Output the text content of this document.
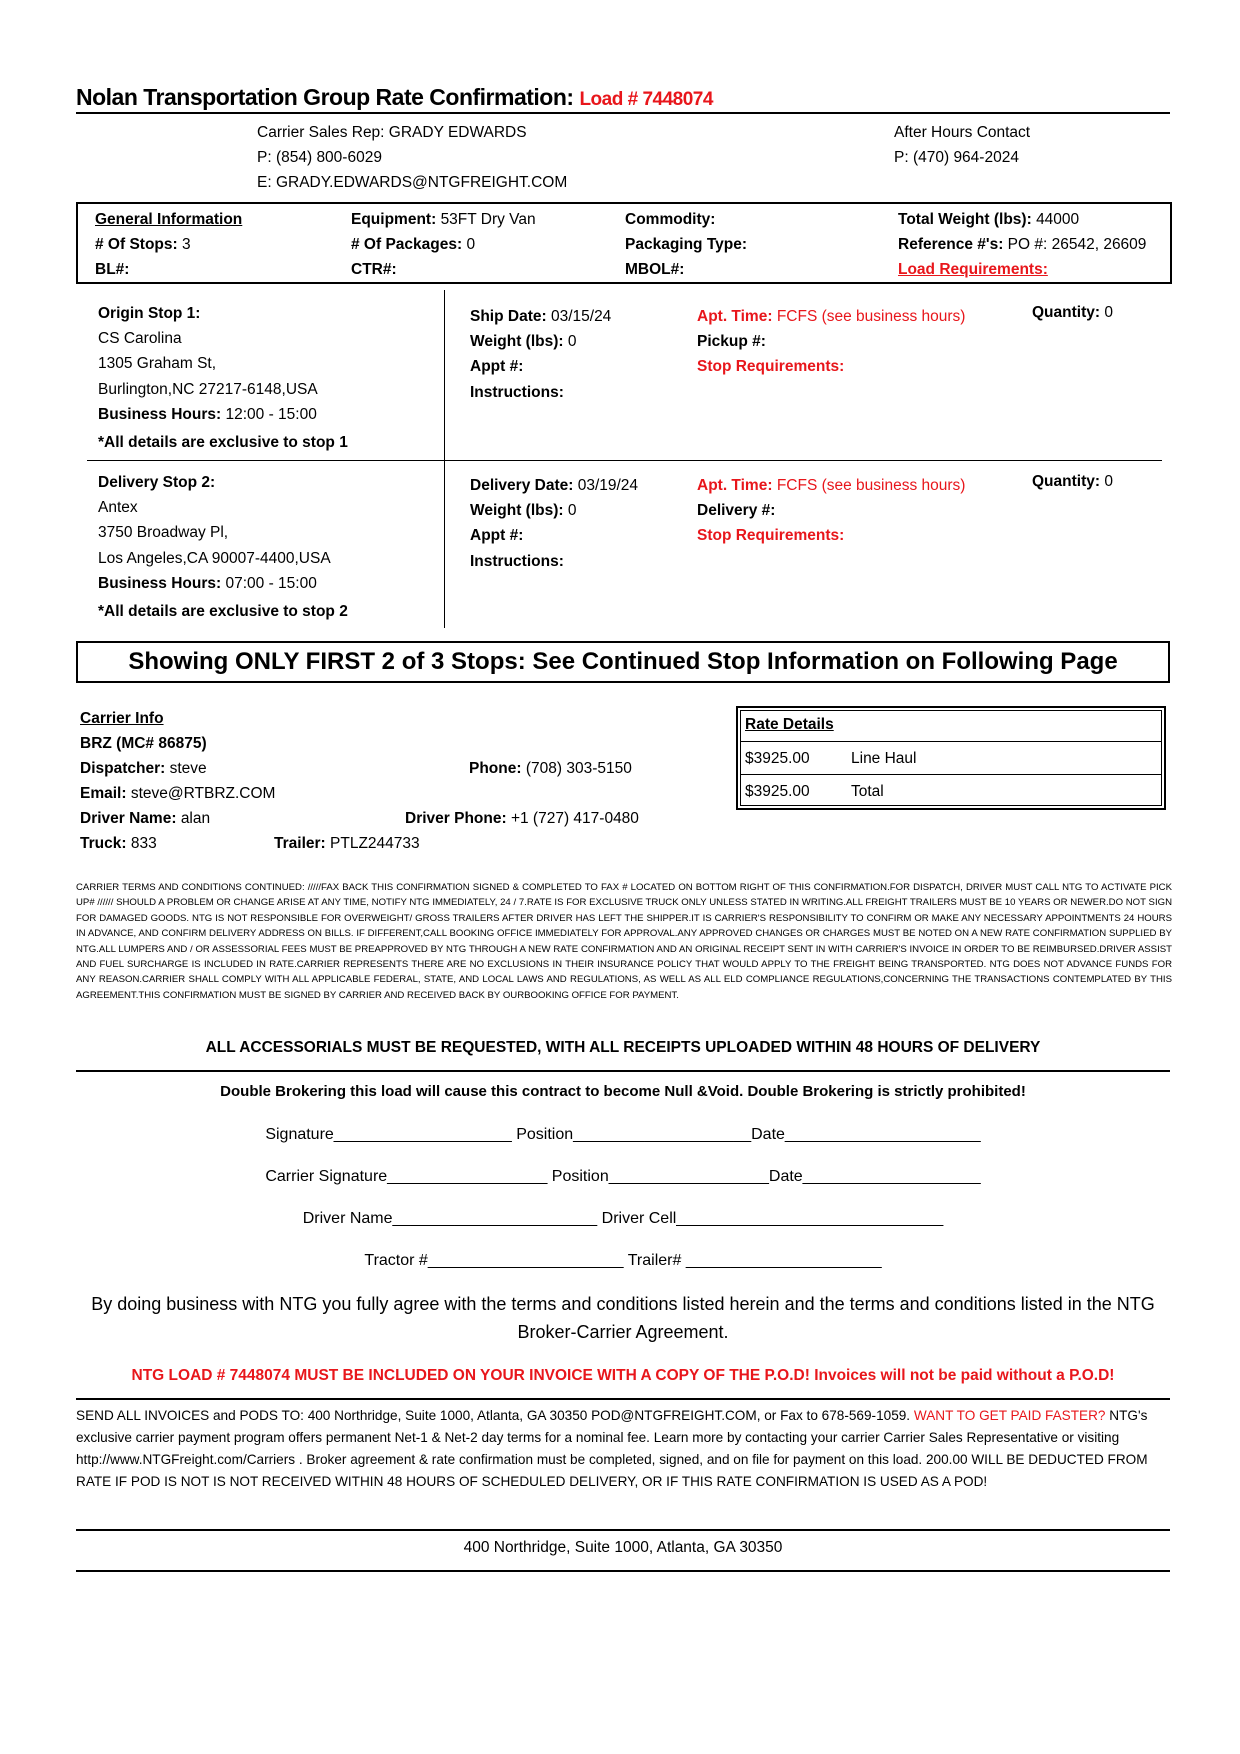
Nolan Transportation Group Rate Confirmation: Load # 7448074
Carrier Sales Rep: GRADY EDWARDS
P: (854) 800-6029
E: GRADY.EDWARDS@NTGFREIGHT.COM
After Hours Contact
P: (470) 964-2024
General Information
# Of Stops: 3
BL#:
Equipment: 53FT Dry Van
# Of Packages: 0
CTR#:
Commodity:
Packaging Type:
MBOL#:
Total Weight (lbs): 44000
Reference #'s: PO #: 26542, 26609
Load Requirements:
Origin Stop 1:
CS Carolina
1305 Graham St,
Burlington,NC 27217-6148,USA
Business Hours: 12:00 - 15:00
*All details are exclusive to stop 1
Ship Date: 03/15/24
Weight (lbs): 0
Appt #:
Instructions:
Apt. Time: FCFS (see business hours)
Pickup #:
Stop Requirements:
Quantity: 0
Delivery Stop 2:
Antex
3750 Broadway Pl,
Los Angeles,CA 90007-4400,USA
Business Hours: 07:00 - 15:00
*All details are exclusive to stop 2
Delivery Date: 03/19/24
Weight (lbs): 0
Appt #:
Instructions:
Apt. Time: FCFS (see business hours)
Delivery #:
Stop Requirements:
Quantity: 0
Showing ONLY FIRST 2 of 3 Stops: See Continued Stop Information on Following Page
Carrier Info
BRZ (MC# 86875)
Dispatcher: steve	Phone: (708) 303-5150
Email: steve@RTBRZ.COM
Driver Name: alan	Driver Phone: +1 (727) 417-0480
Truck: 833	Trailer: PTLZ244733
Rate Details
$3925.00	Line Haul
$3925.00	Total
CARRIER TERMS AND CONDITIONS CONTINUED: /////FAX BACK THIS CONFIRMATION SIGNED & COMPLETED TO FAX # LOCATED ON BOTTOM RIGHT OF THIS CONFIRMATION.FOR DISPATCH, DRIVER MUST CALL NTG TO ACTIVATE PICK UP# ////// SHOULD A PROBLEM OR CHANGE ARISE AT ANY TIME, NOTIFY NTG IMMEDIATELY, 24 / 7.RATE IS FOR EXCLUSIVE TRUCK ONLY UNLESS STATED IN WRITING.ALL FREIGHT TRAILERS MUST BE 10 YEARS OR NEWER.DO NOT SIGN FOR DAMAGED GOODS. NTG IS NOT RESPONSIBLE FOR OVERWEIGHT/ GROSS TRAILERS AFTER DRIVER HAS LEFT THE SHIPPER.IT IS CARRIER'S RESPONSIBILITY TO CONFIRM OR MAKE ANY NECESSARY APPOINTMENTS 24 HOURS IN ADVANCE, AND CONFIRM DELIVERY ADDRESS ON BILLS. IF DIFFERENT,CALL BOOKING OFFICE IMMEDIATELY FOR APPROVAL.ANY APPROVED CHANGES OR CHARGES MUST BE NOTED ON A NEW RATE CONFIRMATION SUPPLIED BY NTG.ALL LUMPERS AND / OR ASSESSORIAL FEES MUST BE PREAPPROVED BY NTG THROUGH A NEW RATE CONFIRMATION AND AN ORIGINAL RECEIPT SENT IN WITH CARRIER'S INVOICE IN ORDER TO BE REIMBURSED.DRIVER ASSIST AND FUEL SURCHARGE IS INCLUDED IN RATE.CARRIER REPRESENTS THERE ARE NO EXCLUSIONS IN THEIR INSURANCE POLICY THAT WOULD APPLY TO THE FREIGHT BEING TRANSPORTED. NTG DOES NOT ADVANCE FUNDS FOR ANY REASON.CARRIER SHALL COMPLY WITH ALL APPLICABLE FEDERAL, STATE, AND LOCAL LAWS AND REGULATIONS, AS WELL AS ALL ELD COMPLIANCE REGULATIONS,CONCERNING THE TRANSACTIONS CONTEMPLATED BY THIS AGREEMENT.THIS CONFIRMATION MUST BE SIGNED BY CARRIER AND RECEIVED BACK BY OURBOOKING OFFICE FOR PAYMENT.
ALL ACCESSORIALS MUST BE REQUESTED, WITH ALL RECEIPTS UPLOADED WITHIN 48 HOURS OF DELIVERY
Double Brokering this load will cause this contract to become Null &Void. Double Brokering is strictly prohibited!
Signature____________________ Position____________________Date______________________
Carrier Signature__________________ Position__________________Date____________________
Driver Name_______________________ Driver Cell______________________________
Tractor #______________________ Trailer# ______________________
By doing business with NTG you fully agree with the terms and conditions listed herein and the terms and conditions listed in the NTG Broker-Carrier Agreement.
NTG LOAD # 7448074 MUST BE INCLUDED ON YOUR INVOICE WITH A COPY OF THE P.O.D! Invoices will not be paid without a P.O.D!
SEND ALL INVOICES and PODS TO: 400 Northridge, Suite 1000, Atlanta, GA 30350 POD@NTGFREIGHT.COM, or Fax to 678-569-1059. WANT TO GET PAID FASTER? NTG's exclusive carrier payment program offers permanent Net-1 & Net-2 day terms for a nominal fee. Learn more by contacting your carrier Carrier Sales Representative or visiting http://www.NTGFreight.com/Carriers . Broker agreement & rate confirmation must be completed, signed, and on file for payment on this load. 200.00 WILL BE DEDUCTED FROM RATE IF POD IS NOT IS NOT RECEIVED WITHIN 48 HOURS OF SCHEDULED DELIVERY, OR IF THIS RATE CONFIRMATION IS USED AS A POD!
400 Northridge, Suite 1000, Atlanta, GA 30350
